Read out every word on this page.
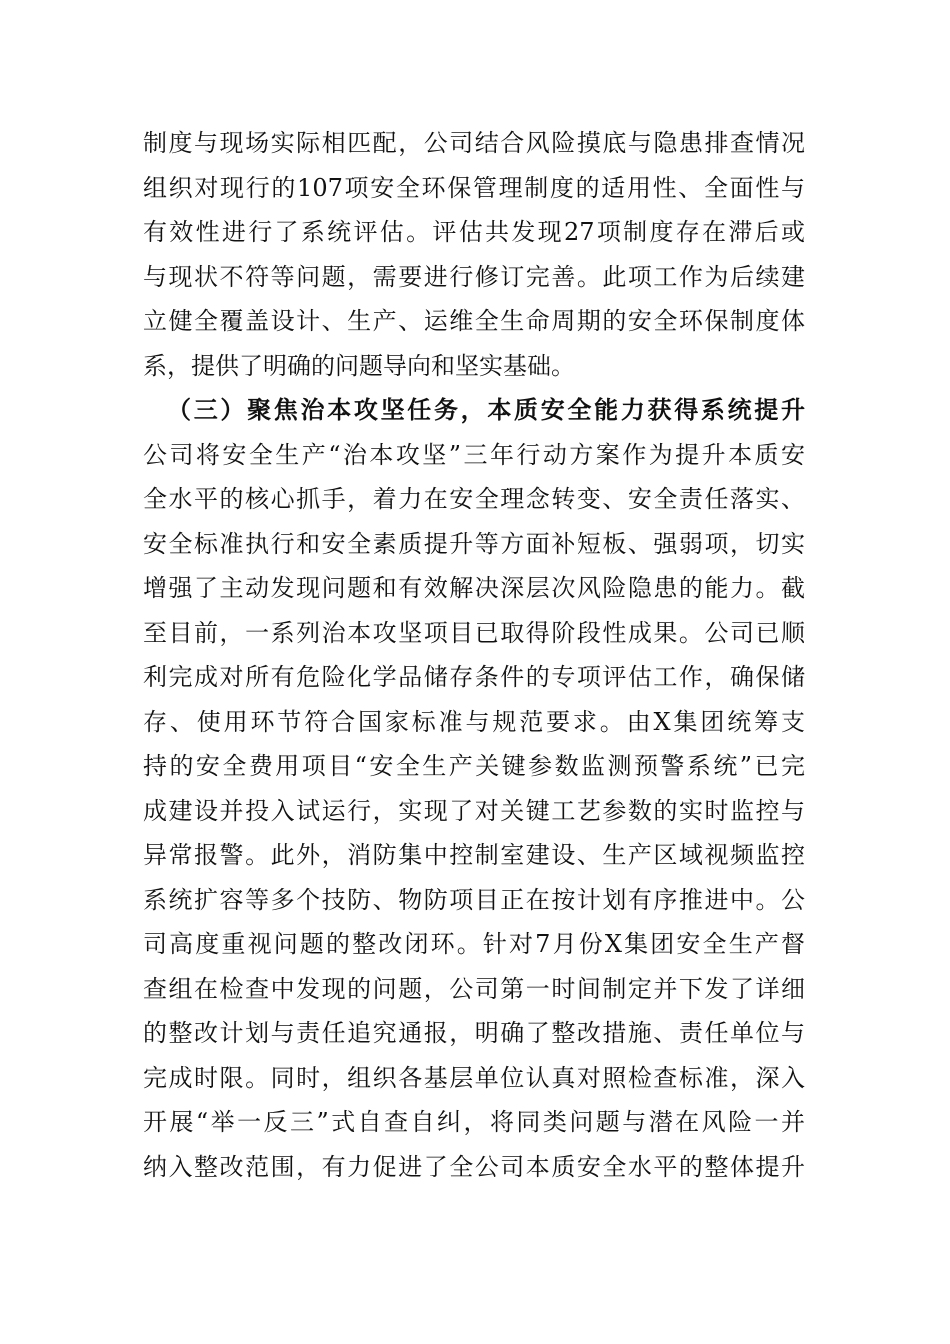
制度与现场实际相匹配，公司结合风险摸底与隐患排查情况
组织对现行的107项安全环保管理制度的适用性、全面性与
有效性进行了系统评估。评估共发现27项制度存在滞后或
与现状不符等问题，需要进行修订完善。此项工作为后续建
立健全覆盖设计、生产、运维全生命周期的安全环保制度体
系，提供了明确的问题导向和坚实基础。
（三）聚焦治本攻坚任务，本质安全能力获得系统提升
公司将安全生产“治本攻坚”三年行动方案作为提升本质安
全水平的核心抓手，着力在安全理念转变、安全责任落实、
安全标准执行和安全素质提升等方面补短板、强弱项，切实
增强了主动发现问题和有效解决深层次风险隐患的能力。截
至目前，一系列治本攻坚项目已取得阶段性成果。公司已顺
利完成对所有危险化学品储存条件的专项评估工作，确保储
存、使用环节符合国家标准与规范要求。由X集团统筹支
持的安全费用项目“安全生产关键参数监测预警系统”已完
成建设并投入试运行，实现了对关键工艺参数的实时监控与
异常报警。此外，消防集中控制室建设、生产区域视频监控
系统扩容等多个技防、物防项目正在按计划有序推进中。公
司高度重视问题的整改闭环。针对7月份X集团安全生产督
查组在检查中发现的问题，公司第一时间制定并下发了详细
的整改计划与责任追究通报，明确了整改措施、责任单位与
完成时限。同时，组织各基层单位认真对照检查标准，深入
开展“举一反三”式自查自纠，将同类问题与潜在风险一并
纳入整改范围，有力促进了全公司本质安全水平的整体提升
